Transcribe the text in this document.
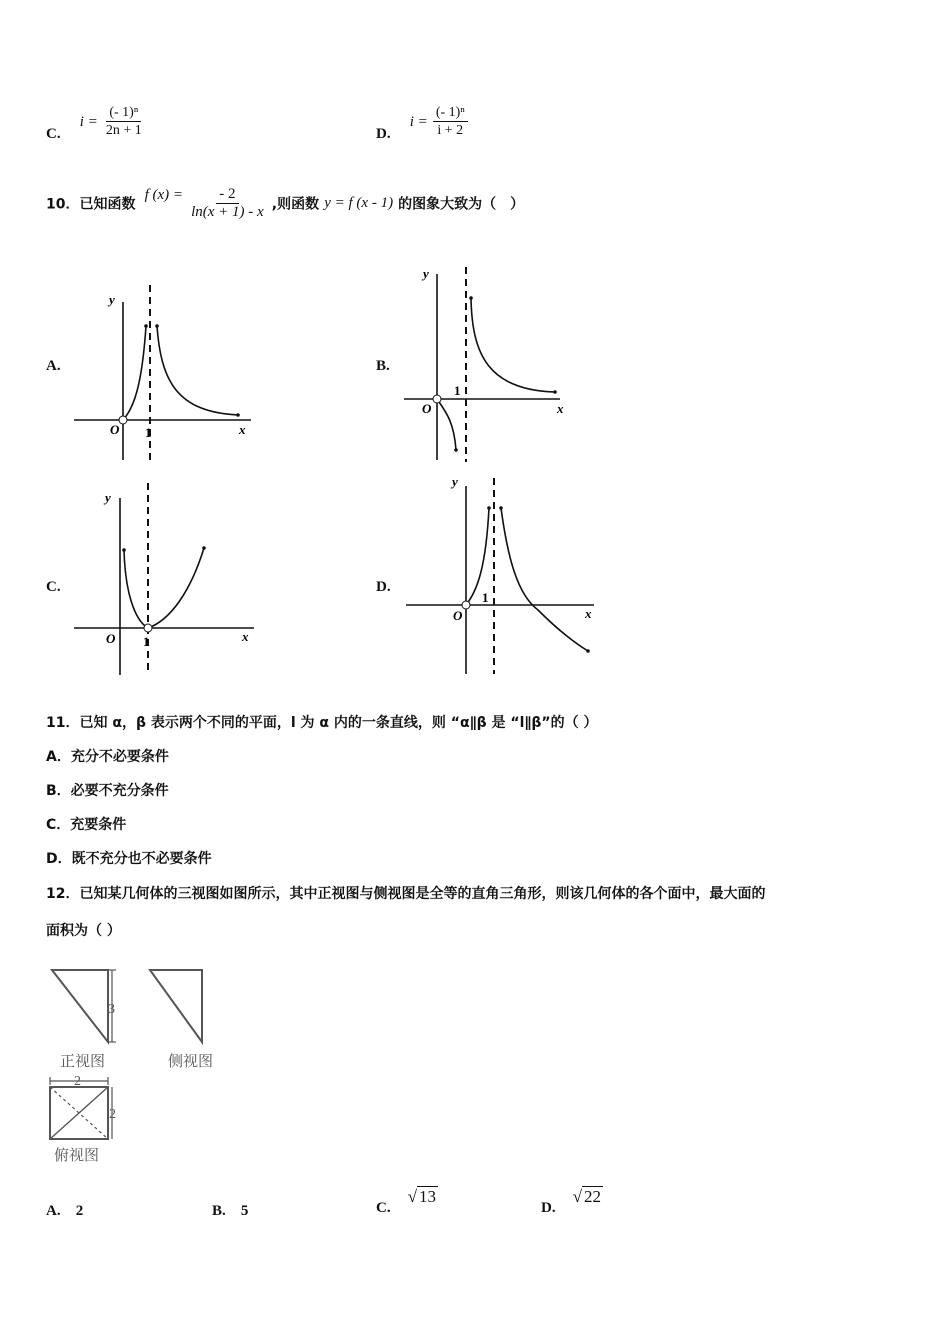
C. $i = \frac{\text{(- 1)ⁿ}}{2n + 1}$	D. $i = \frac{\text{(- 1)ⁿ}}{i + 2}$
10．已知函数 f $(x) = \frac{- 2}{\ln(x + 1) - x}$ ,则函数 y = f (x - 1) 的图象大致为（　）
A.
y
x
O 1
B.
y
x
O
1
C.
y
x
O 1
D.
y
x
O
1
11．已知 α，β 表示两个不同的平面，l 为 α 内的一条直线，则 “α∥β 是 “l∥β”的（ ）
A．充分不必要条件
B．必要不充分条件
C．充要条件
D．既不充分也不必要条件
12．已知某几何体的三视图如图所示，其中正视图与侧视图是全等的直角三角形，则该几何体的各个面中，最大面的
面积为（ ）
3
正视图	侧视图
2
2
俯视图
A. 2	B. 5	C. √ 13
D. √ 22
